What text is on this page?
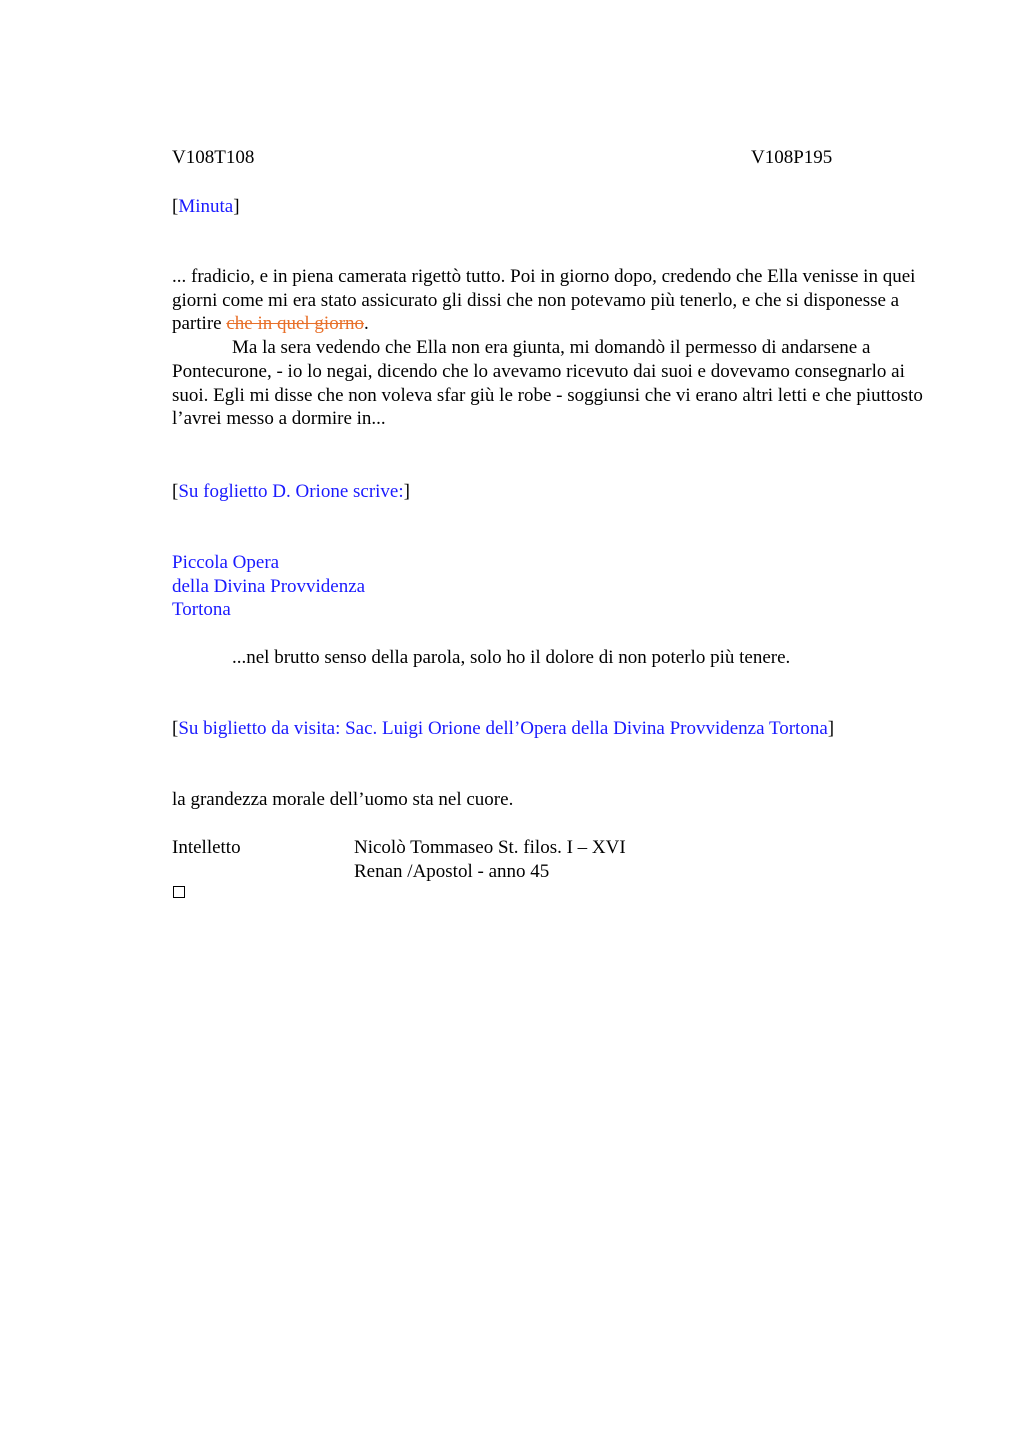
V108T108	V108P195
[Minuta]

... fradicio, e in piena camerata rigettò tutto. Poi in giorno dopo, credendo che Ella venisse in quei giorni come mi era stato assicurato gli dissi che non potevamo più tenerlo, e che si disponesse a partire che in quel giorno.

Ma la sera vedendo che Ella non era giunta, mi domandò il permesso di andarsene a Pontecurone, - io lo negai, dicendo che lo avevamo ricevuto dai suoi e dovevamo consegnarlo ai suoi. Egli mi disse che non voleva sfar giù le robe - soggiunsi che vi erano altri letti e che piuttosto l’avrei messo a dormire in...

[Su foglietto D. Orione scrive:]
Piccola Opera
della Divina Provvidenza
Tortona
...nel brutto senso della parola, solo ho il dolore di non poterlo più tenere.
[Su biglietto da visita: Sac. Luigi Orione dell’Opera della Divina Provvidenza Tortona]
la grandezza morale dell’uomo sta nel cuore.
Intelletto	Nicolò Tommaseo St. filos. I – XVI
Renan /Apostol - anno 45
